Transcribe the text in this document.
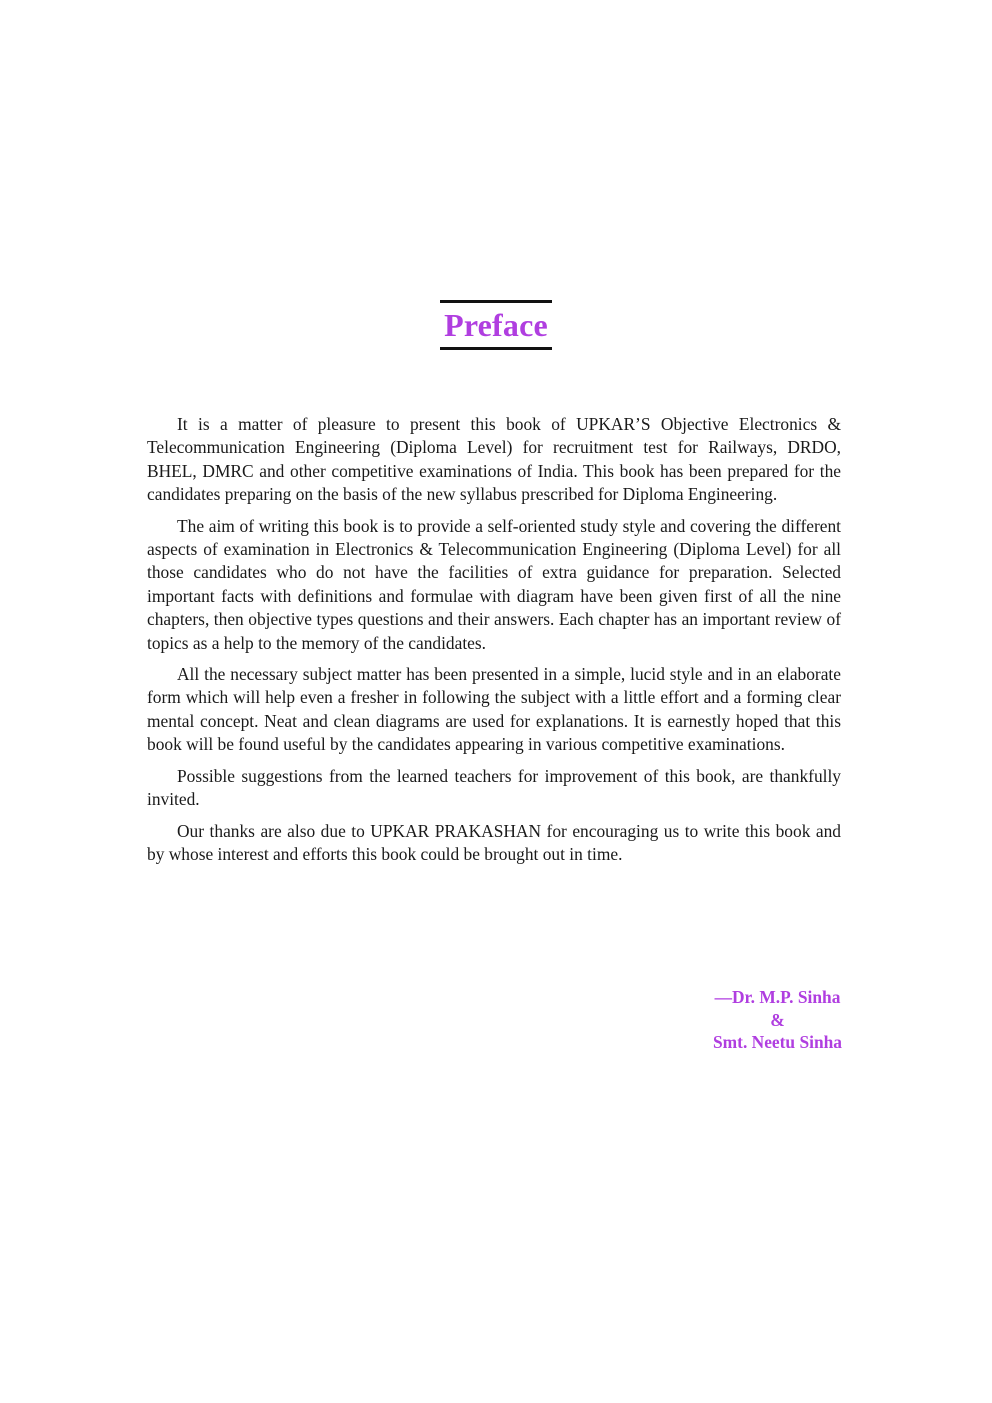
Preface

It is a matter of pleasure to present this book of UPKAR’S Objective Electronics & Telecommunication Engineering (Diploma Level) for recruitment test for Railways, DRDO, BHEL, DMRC and other competitive examinations of India. This book has been prepared for the candidates preparing on the basis of the new syllabus prescribed for Diploma Engineering.

The aim of writing this book is to provide a self-oriented study style and covering the different aspects of examination in Electronics & Telecommunication Engineering (Diploma Level) for all those candidates who do not have the facilities of extra guidance for preparation. Selected important facts with definitions and formulae with diagram have been given first of all the nine chapters, then objective types questions and their answers. Each chapter has an important review of topics as a help to the memory of the candidates.

All the necessary subject matter has been presented in a simple, lucid style and in an elaborate form which will help even a fresher in following the subject with a little effort and a forming clear mental concept. Neat and clean diagrams are used for explanations. It is earnestly hoped that this book will be found useful by the candidates appearing in various competitive examinations.

Possible suggestions from the learned teachers for improvement of this book, are thankfully invited.

Our thanks are also due to UPKAR PRAKASHAN for encouraging us to write this book and by whose interest and efforts this book could be brought out in time.

—Dr. M.P. Sinha
&
Smt. Neetu Sinha
